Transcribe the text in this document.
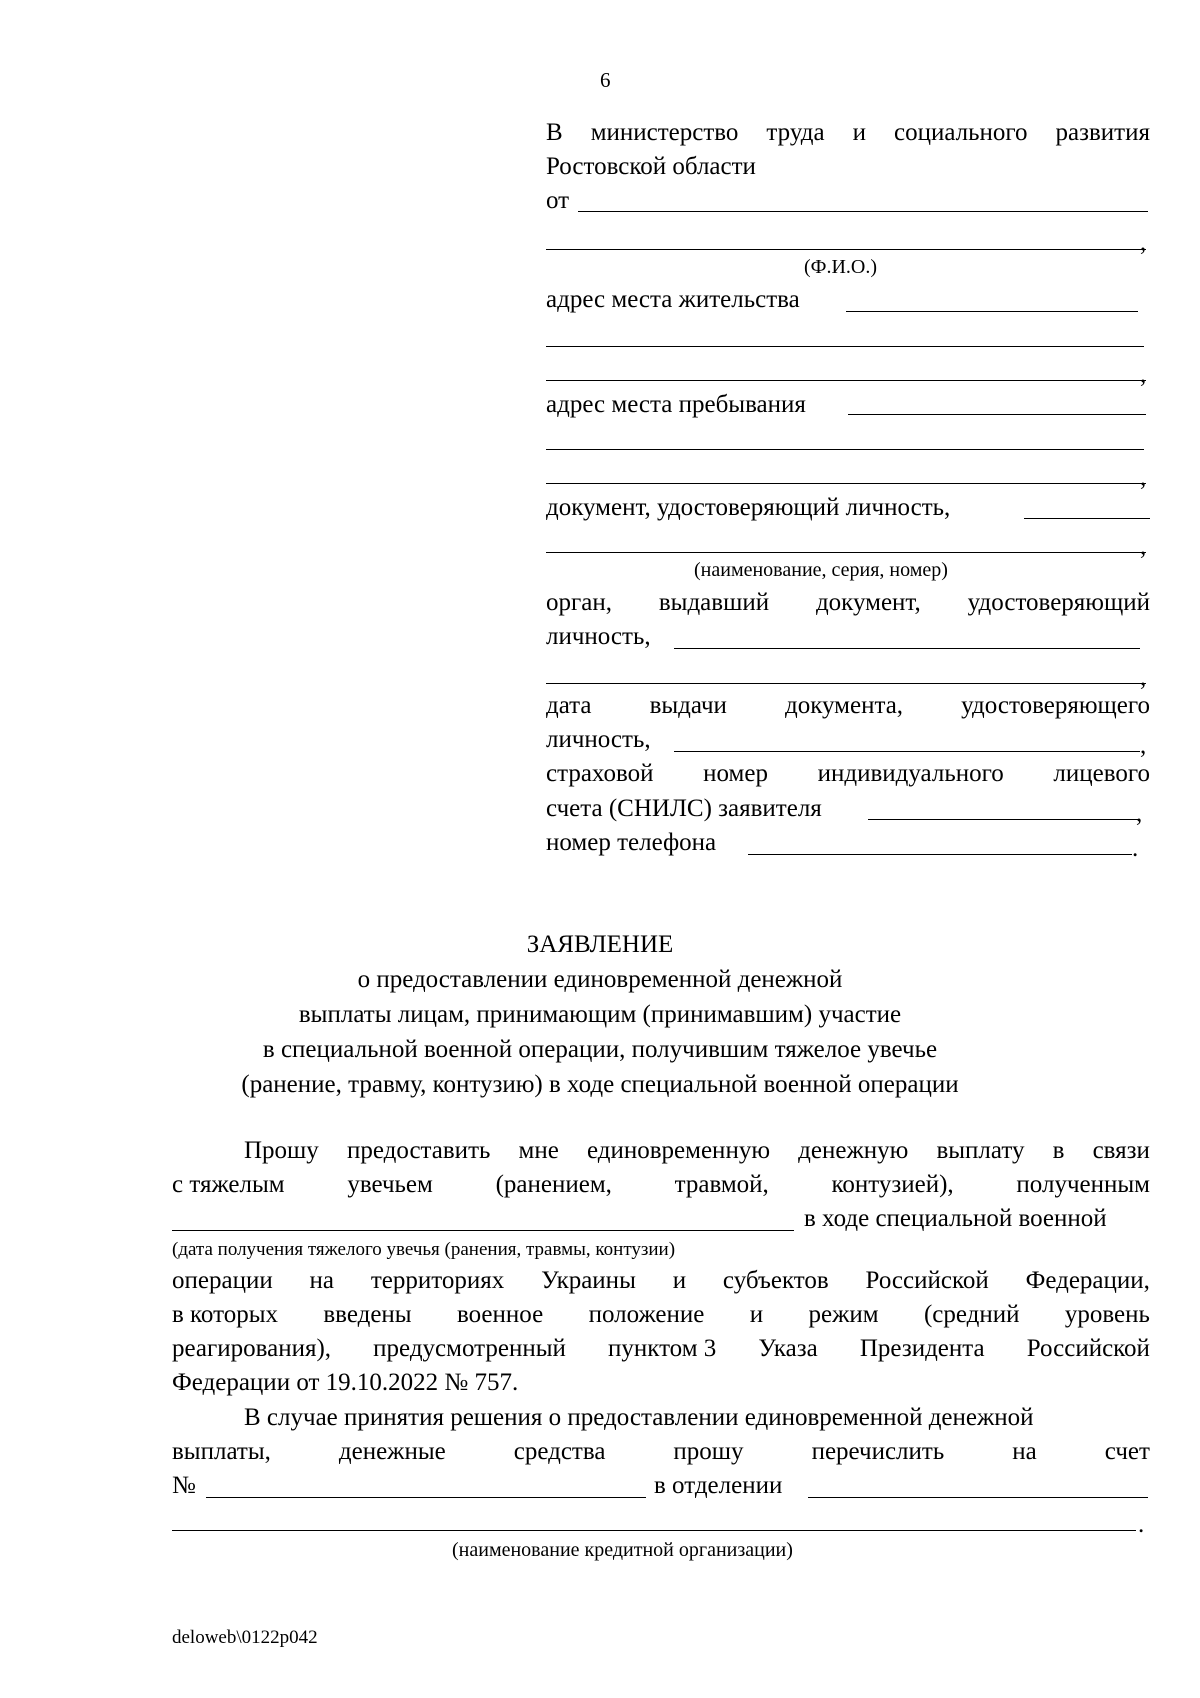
6
В министерство труда и социального развития
Ростовской области
от
,
(Ф.И.О.)
адрес места жительства
,
адрес места пребывания
,
документ, удостоверяющий личность,
,
(наименование, серия, номер)
орган, выдавший документ, удостоверяющий
личность,
,
дата выдачи документа, удостоверяющего
личность,	,
страховой номер индивидуального лицевого
счета (СНИЛС) заявителя	,
номер телефона	.
ЗАЯВЛЕНИЕ
о предоставлении единовременной денежной
выплаты лицам, принимающим (принимавшим) участие
в специальной военной операции, получившим тяжелое увечье
(ранение, травму, контузию) в ходе специальной военной операции
Прошу предоставить мне единовременную денежную выплату в связи
с тяжелым	увечьем	(ранением,	травмой,	контузией),	полученным
в ходе специальной военной
(дата получения тяжелого увечья (ранения, травмы, контузии)
операции на территориях Украины и субъектов Российской Федерации,
в которых введены военное положение и режим (средний уровень
реагирования), предусмотренный пунктом 3 Указа Президента Российской
Федерации от 19.10.2022 № 757.
В случае принятия решения о предоставлении единовременной денежной
выплаты,	денежные	средства	прошу	перечислить	на	счет
№	в отделении
.
(наименование кредитной организации)
deloweb\0122p042
